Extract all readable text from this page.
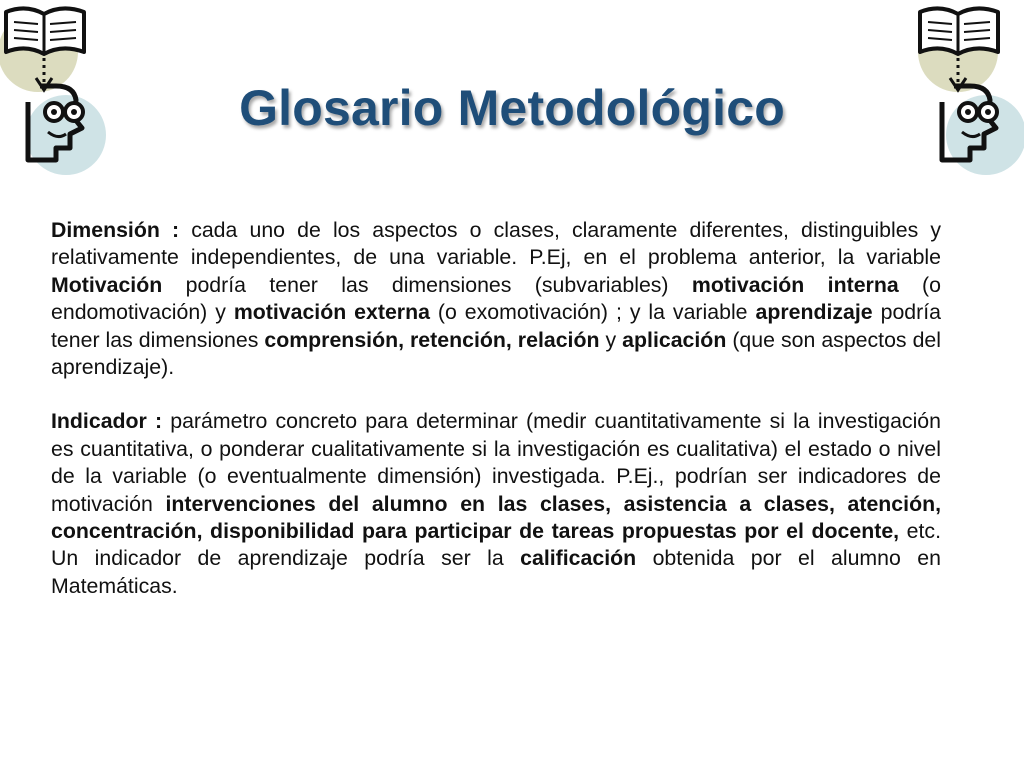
Glosario Metodológico

Dimensión : cada uno de los aspectos o clases, claramente diferentes, distinguibles y relativamente independientes, de una variable. P.Ej, en el problema anterior, la variable Motivación podría tener las dimensiones (subvariables) motivación interna (o endomotivación) y motivación externa (o exomotivación) ; y la variable aprendizaje podría tener las dimensiones comprensión, retención, relación y aplicación (que son aspectos del aprendizaje).

Indicador : parámetro concreto para determinar (medir cuantitativamente si la investigación es cuantitativa, o ponderar cualitativamente si la investigación es cualitativa) el estado o nivel de la variable (o eventualmente dimensión) investigada. P.Ej., podrían ser indicadores de motivación intervenciones del alumno en las clases, asistencia a clases, atención, concentración, disponibilidad para participar de tareas propuestas por el docente, etc. Un indicador de aprendizaje podría ser la calificación obtenida por el alumno en Matemáticas.
